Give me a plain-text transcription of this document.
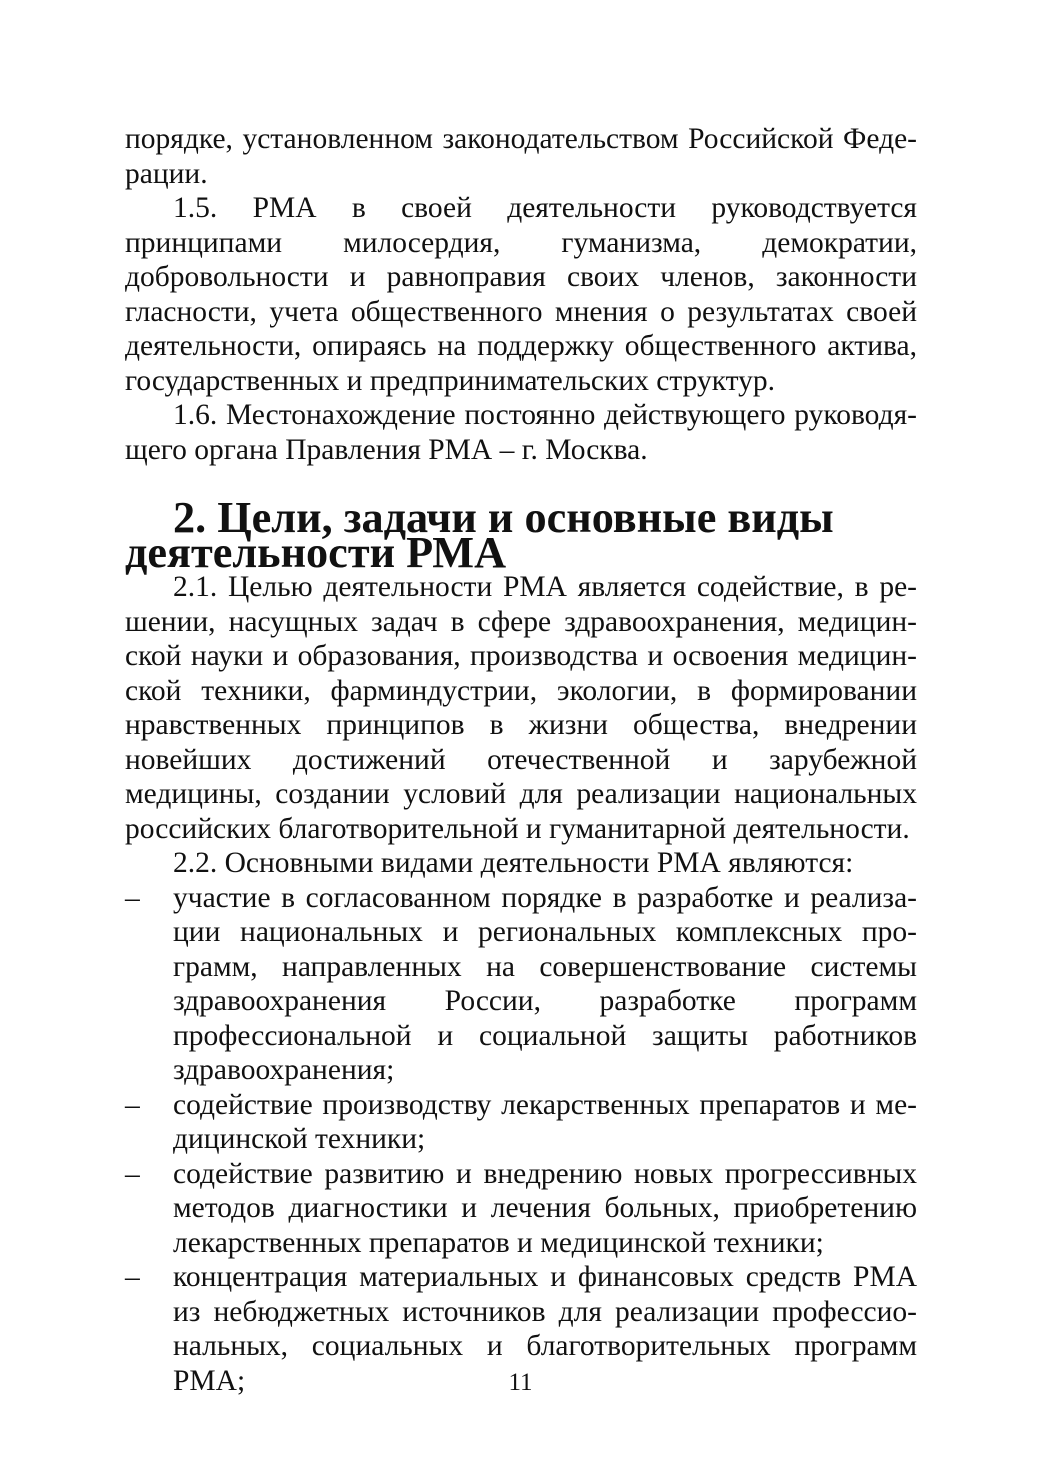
порядке, установленном законодательством Российской Федерации.

1.5. РМА в своей деятельности руководствуется принципами милосердия, гуманизма, демократии, добровольности и равноправия своих членов, законности гласности, учета общественного мнения о результатах своей деятельности, опираясь на поддержку общественного актива, государственных и предпринимательских структур.

1.6. Местонахождение постоянно действующего руководящего органа Правления РМА – г. Москва.

2. Цели, задачи и основные виды деятельности РМА

2.1. Целью деятельности РМА является содействие, в решении, насущных задач в сфере здравоохранения, медицинской науки и образования, производства и освоения медицинской техники, фарминдустрии, экологии, в формировании нравственных принципов в жизни общества, внедрении новейших достижений отечественной и зарубежной медицины, создании условий для реализации национальных российских благотворительной и гуманитарной деятельности.

2.2. Основными видами деятельности РМА являются:

– участие в согласованном порядке в разработке и реализации национальных и региональных комплексных программ, направленных на совершенствование системы здравоохранения России, разработке программ профессиональной и социальной защиты работников здравоохранения;
– содействие производству лекарственных препаратов и медицинской техники;
– содействие развитию и внедрению новых прогрессивных методов диагностики и лечения больных, приобретению лекарственных препаратов и медицинской техники;
– концентрация материальных и финансовых средств РМА из небюджетных источников для реализации профессиональных, социальных и благотворительных программ РМА;	11
